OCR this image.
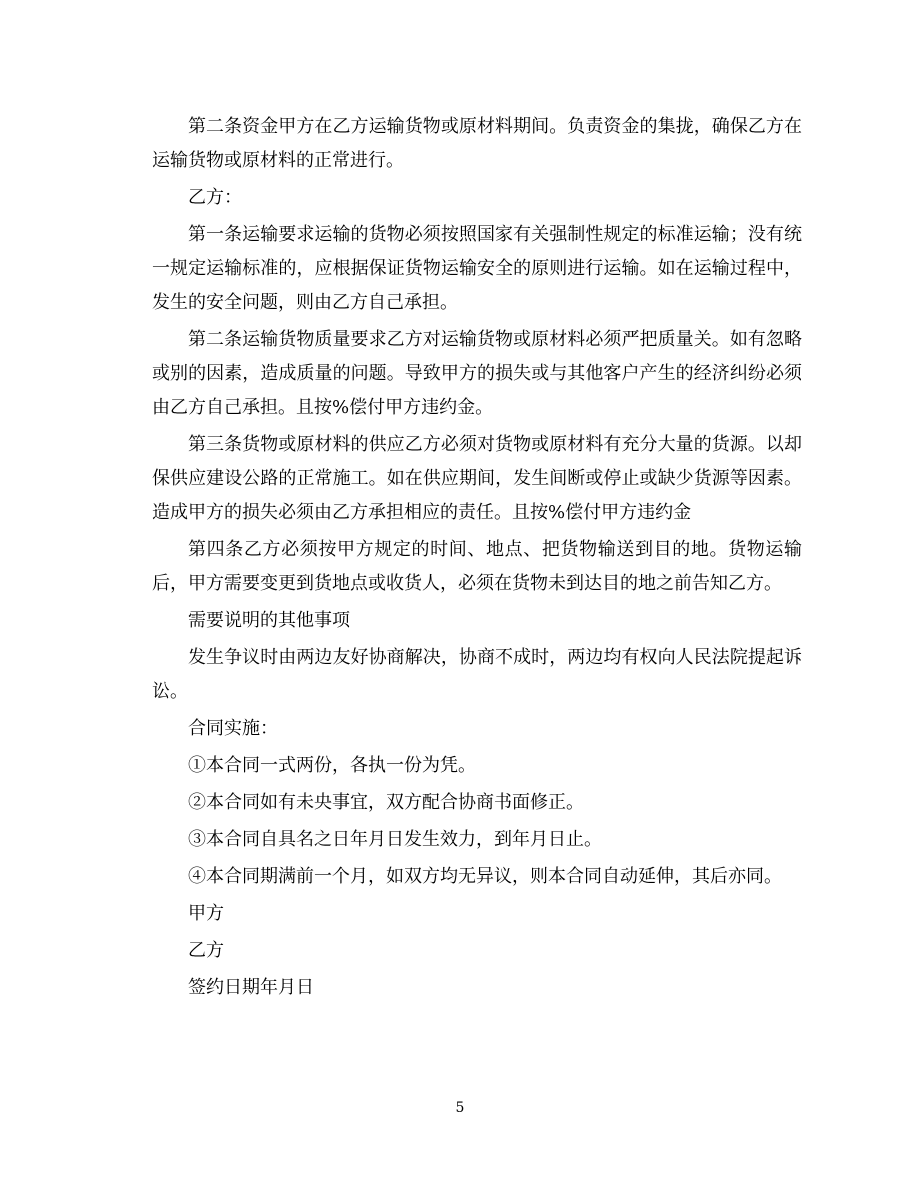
第二条资金甲方在乙方运输货物或原材料期间。负责资金的集拢，确保乙方在运输货物或原材料的正常进行。

乙方：

第一条运输要求运输的货物必须按照国家有关强制性规定的标准运输；没有统一规定运输标准的，应根据保证货物运输安全的原则进行运输。如在运输过程中，发生的安全问题，则由乙方自己承担。

第二条运输货物质量要求乙方对运输货物或原材料必须严把质量关。如有忽略或别的因素，造成质量的问题。导致甲方的损失或与其他客户产生的经济纠纷必须由乙方自己承担。且按%偿付甲方违约金。

第三条货物或原材料的供应乙方必须对货物或原材料有充分大量的货源。以却保供应建设公路的正常施工。如在供应期间，发生间断或停止或缺少货源等因素。造成甲方的损失必须由乙方承担相应的责任。且按%偿付甲方违约金

第四条乙方必须按甲方规定的时间、地点、把货物输送到目的地。货物运输后，甲方需要变更到货地点或收货人，必须在货物未到达目的地之前告知乙方。

需要说明的其他事项

发生争议时由两边友好协商解决，协商不成时，两边均有权向人民法院提起诉讼。

合同实施：

①本合同一式两份，各执一份为凭。

②本合同如有未央事宜，双方配合协商书面修正。

③本合同自具名之日年月日发生效力，到年月日止。

④本合同期满前一个月，如双方均无异议，则本合同自动延伸，其后亦同。

甲方

乙方

签约日期年月日

5
